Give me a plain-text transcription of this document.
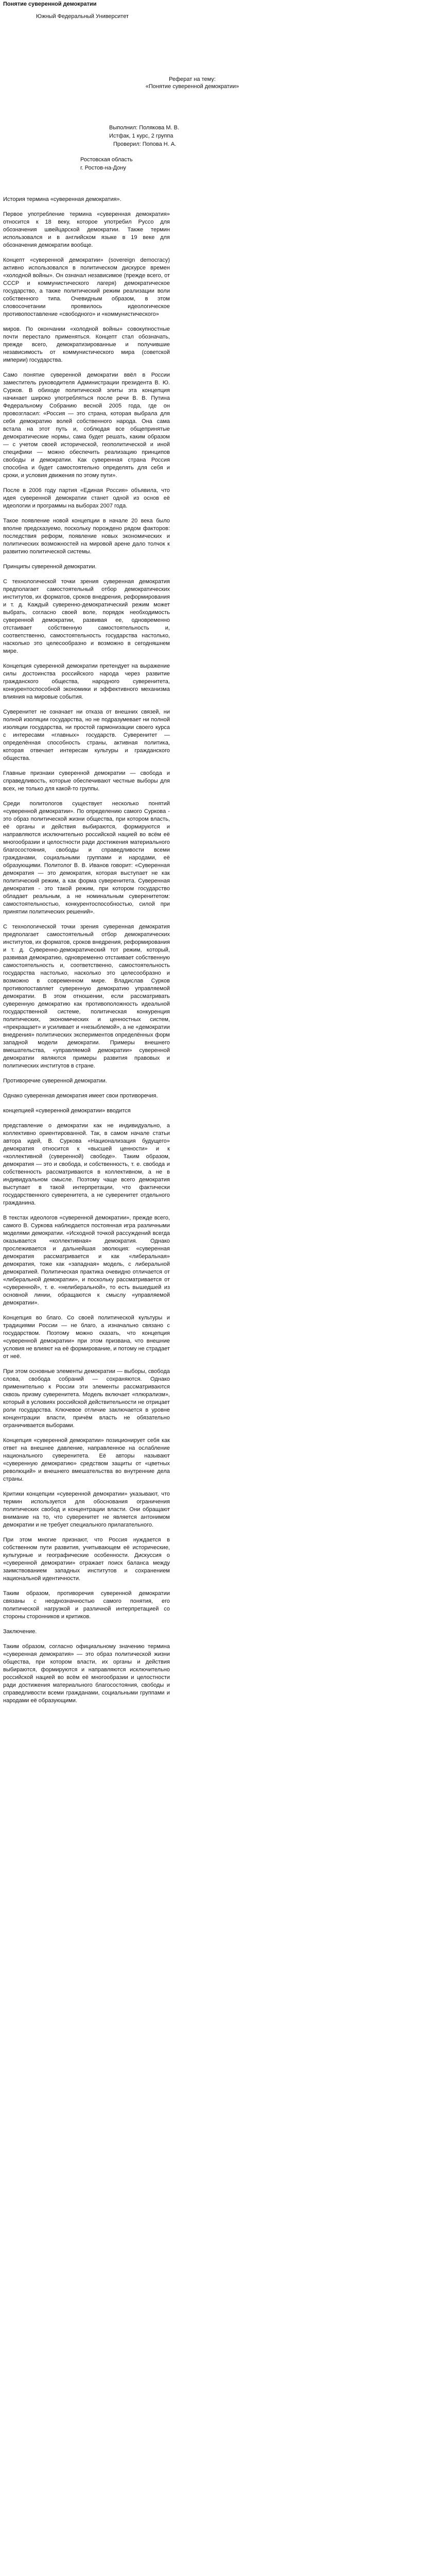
Понятие суверенной демократии
Южный Федеральный Университет
Реферат на тему:
«Понятие суверенной демократии»
Выполнил: Полякова М. В.
Истфак, 1 курс, 2 группа
Проверил: Попова Н. А.
Ростовская область
г. Ростов-на-Дону

История термина «суверенная демократия».

Первое употребление термина «суверенная демократия» относится к 18 веку, которое употребил Руссо для обозначения швейцарской демократии. Также термин использовался и в английском языке в 19 веке для обозначения демократии вообще.

Концепт «суверенной демократии» (sovereign democracy) активно использовался в политическом дискурсе времен «холодной войны». Он означал независимое (прежде всего, от СССР и коммунистического лагеря) демократическое государство, а также политический режим реализации воли собственного типа. Очевидным образом, в этом словосочетании проявилось идеологическое противопоставление «свободного» и «коммунистического»

миров. По окончании «холодной войны» совокупностные почти перестало применяться. Концепт стал обозначать, прежде всего, демократизированные и получившие независимость от коммунистического мира (советской империи) государства.

Само понятие суверенной демократии ввёл в России заместитель руководителя Администрации президента В. Ю. Сурков. В обиходе политической элиты эта концепция начинает широко употребляться после речи В. В. Путина Федеральному Собранию весной 2005 года, где он провозгласил: «Россия — это страна, которая выбрала для себя демократию волей собственного народа. Она сама встала на этот путь и, соблюдая все общепринятые демократические нормы, сама будет решать, каким образом — с учетом своей исторической, геополитической и иной специфики — можно обеспечить реализацию принципов свободы и демократии. Как суверенная страна Россия способна и будет самостоятельно определять для себя и сроки, и условия движения по этому пути».

После в 2006 году партия «Единая Россия» объявила, что идея суверенной демократии станет одной из основ её идеологии и программы на выборах 2007 года.

Такое появление новой концепции в начале 20 века было вполне предсказуемо, поскольку порождено рядом факторов: последствия реформ, появление новых экономических и политических возможностей на мировой арене дало толчок к развитию политической системы.

Принципы суверенной демократии.

С технологической точки зрения суверенная демократия предполагает самостоятельный отбор демократических институтов, их форматов, сроков внедрения, реформирования и т. д. Каждый суверенно-демократический режим может выбрать, согласно своей воле, порядок необходимость суверенной демократии, развивая ее, одновременно отстаивает собственную самостоятельность и, соответственно, самостоятельность государства настолько, насколько это целесообразно и возможно в сегодняшнем мире.

Концепция суверенной демократии претендует на выражение силы достоинства российского народа через развитие гражданского общества, народного суверенитета, конкурентоспособной экономики и эффективного механизма влияния на мировые события.

Суверенитет не означает ни отказа от внешних связей, ни полной изоляции государства, но не подразумевает ни полной изоляции государства, ни простой гармонизации своего курса с интересами «главных» государств. Суверенитет — определённая способность страны, активная политика, которая отвечает интересам культуры и гражданского общества.

Главные признаки суверенной демократии — свобода и справедливость, которые обеспечивают честные выборы для всех, не только для какой-то группы.

Среди политологов существует несколько понятий «суверенной демократии». По определению самого Суркова - это образ политической жизни общества, при котором власть, её органы и действия выбираются, формируются и направляются исключительно российской нацией во всём её многообразии и целостности ради достижения материального благосостояния, свободы и справедливости всеми гражданами, социальными группами и народами, её образующими. Политолог В. В. Иванов говорит: «Суверенная демократия — это демократия, которая выступает не как политический режим, а как форма суверенитета. Суверенная демократия - это такой режим, при котором государство обладает реальным, а не номинальным суверенитетом: самостоятельностью, конкурентоспособностью, силой при принятии политических решений».

С технологической точки зрения суверенная демократия предполагает самостоятельный отбор демократических институтов, их форматов, сроков внедрения, реформирования и т. д. Суверенно-демократический тот режим, который, развивая демократию, одновременно отстаивает собственную самостоятельность и, соответственно, самостоятельность государства настолько, насколько это целесообразно и возможно в современном мире. Владислав Сурков противопоставляет суверенную демократию управляемой демократии. В этом отношении, если рассматривать суверенную демократию как противоположность идеальной государственной системе, политическая конкуренция политических, экономических и ценностных систем, «прекращает» и усиливает и «незыблемой», а не «демократии внедрения» политических экспериментов определённых форм западной модели демократии. Примеры внешнего вмешательства, «управляемой демократии» суверенной демократии являются примеры развития правовых и политических институтов в стране.

Противоречие суверенной демократии.

Однако суверенная демократия имеет свои противоречия.

концепцией «суверенной демократии» вводится

представление о демократии как не индивидуально, а коллективно ориентированной. Так, в самом начале статьи автора идей, В. Суркова «Национализация будущего» демократия относится к «высшей ценности» и к «коллективной (суверенной) свободе». Таким образом, демократия — это и свобода, и собственность, т. е. свобода и собственность рассматриваются в коллективном, а не в индивидуальном смысле. Поэтому чаще всего демократия выступает в такой интерпретации, что фактически государственного суверенитета, а не суверенитет отдельного гражданина.

В текстах идеологов «суверенной демократии», прежде всего, самого В. Суркова наблюдается постоянная игра различными моделями демократии. «Исходной точкой рассуждений всегда оказывается «коллективная» демократия. Однако прослеживается и дальнейшая эволюция: «суверенная демократия рассматривается и как «либеральная» демократия, тоже как «западная» модель, с либеральной демократией. Политическая практика очевидно отличается от «либеральной демократии», и поскольку рассматривается от «суверенной», т. е. «нелиберальной», то есть вышедшей из основной линии, обращаются к смыслу «управляемой демократии».

Концепция во благо. Со своей политической культуры и традициями России — не благо, а изначально связано с государством. Поэтому можно сказать, что концепция «суверенной демократии» при этом призвана, что внешние условия не влияют на её формирование, и потому не страдает от неё.

При этом основные элементы демократии — выборы, свобода слова, свобода собраний — сохраняются. Однако применительно к России эти элементы рассматриваются сквозь призму суверенитета. Модель включает «плюрализм», который в условиях российской действительности не отрицает роли государства. Ключевое отличие заключается в уровне концентрации власти, причём власть не обязательно ограничивается выборами.

Концепция «суверенной демократии» позиционирует себя как ответ на внешнее давление, направленное на ослабление национального суверенитета. Её авторы называют «суверенную демократию» средством защиты от «цветных революций» и внешнего вмешательства во внутренние дела страны.

Критики концепции «суверенной демократии» указывают, что термин используется для обоснования ограничения политических свобод и концентрации власти. Они обращают внимание на то, что суверенитет не является антонимом демократии и не требует специального прилагательного.

При этом многие признают, что Россия нуждается в собственном пути развития, учитывающем её исторические, культурные и географические особенности. Дискуссия о «суверенной демократии» отражает поиск баланса между заимствованием западных институтов и сохранением национальной идентичности.

Таким образом, противоречия суверенной демократии связаны с неоднозначностью самого понятия, его политической нагрузкой и различной интерпретацией со стороны сторонников и критиков.

Заключение.

Таким образом, согласно официальному значению термина «суверенная демократия» — это образ политической жизни общества, при котором власти, их органы и действия выбираются, формируются и направляются исключительно российской нацией во всём её многообразии и целостности ради достижения материального благосостояния, свободы и справедливости всеми гражданами, социальными группами и народами её образующими.
